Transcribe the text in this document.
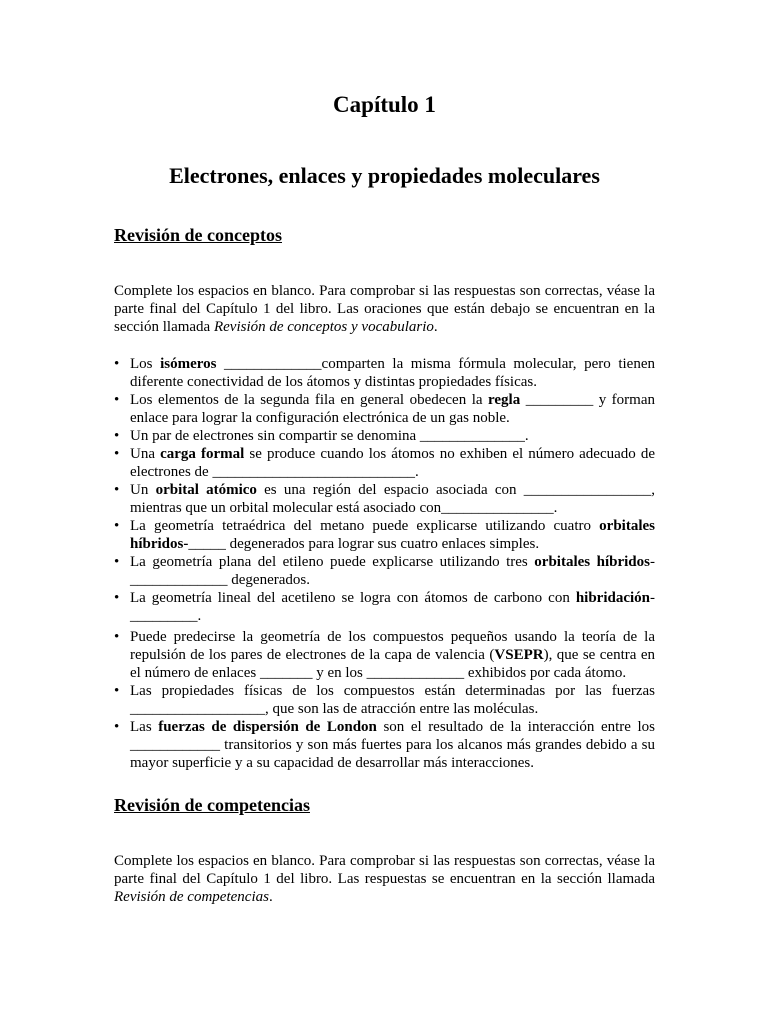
Capítulo 1
Electrones, enlaces y propiedades moleculares
Revisión de conceptos

Complete los espacios en blanco. Para comprobar si las respuestas son correctas, véase la parte final del Capítulo 1 del libro. Las oraciones que están debajo se encuentran en la sección llamada Revisión de conceptos y vocabulario.

• Los isómeros _____________comparten la misma fórmula molecular, pero tienen diferente conectividad de los átomos y distintas propiedades físicas.
• Los elementos de la segunda fila en general obedecen la regla _________ y forman enlace para lograr la configuración electrónica de un gas noble.
• Un par de electrones sin compartir se denomina ______________.
• Una carga formal se produce cuando los átomos no exhiben el número adecuado de electrones de ___________________________.
• Un orbital atómico es una región del espacio asociada con _________________, mientras que un orbital molecular está asociado con_______________.
• La geometría tetraédrica del metano puede explicarse utilizando cuatro orbitales híbridos-_____ degenerados para lograr sus cuatro enlaces simples.
• La geometría plana del etileno puede explicarse utilizando tres orbitales híbridos-_____________ degenerados.
• La geometría lineal del acetileno se logra con átomos de carbono con hibridación-_________.
• Puede predecirse la geometría de los compuestos pequeños usando la teoría de la repulsión de los pares de electrones de la capa de valencia (VSEPR), que se centra en el número de enlaces _______ y en los _____________ exhibidos por cada átomo.
• Las propiedades físicas de los compuestos están determinadas por las fuerzas __________________, que son las de atracción entre las moléculas.
• Las fuerzas de dispersión de London son el resultado de la interacción entre los ____________ transitorios y son más fuertes para los alcanos más grandes debido a su mayor superficie y a su capacidad de desarrollar más interacciones.
Revisión de competencias

Complete los espacios en blanco. Para comprobar si las respuestas son correctas, véase la parte final del Capítulo 1 del libro. Las respuestas se encuentran en la sección llamada Revisión de competencias.
